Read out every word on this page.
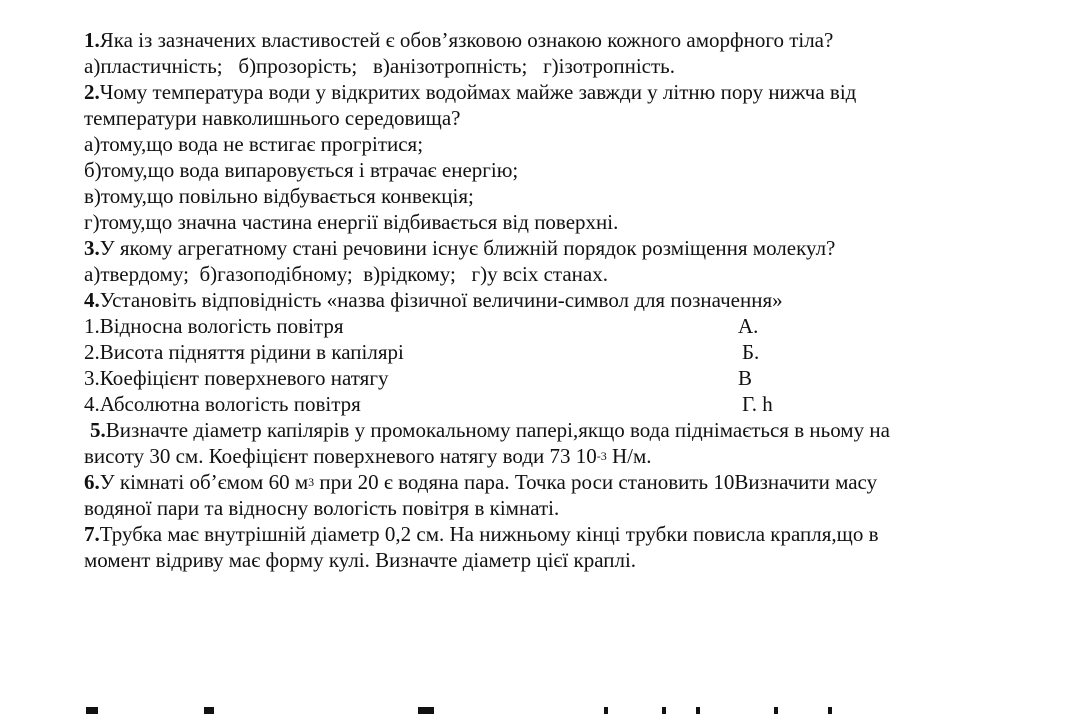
1.Яка із зазначених властивостей є обов’язковою ознакою кожного аморфного тіла?
а)пластичність;   б)прозорість;   в)анізотропність;   г)ізотропність.
2.Чому температура води у відкритих водоймах майже завжди у літню пору нижча від
температури навколишнього середовища?
а)тому,що вода не встигає прогрітися;
б)тому,що вода випаровується і втрачає енергію;
в)тому,що повільно відбувається конвекція;
г)тому,що значна частина енергії відбивається від поверхні.
3.У якому агрегатному стані речовини існує ближній порядок розміщення молекул?
а)твердому;  б)газоподібному;  в)рідкому;   г)у всіх станах.
4.Установіть відповідність «назва фізичної величини-символ для позначення»
1.Відносна вологість повітря	А.
2.Висота підняття рідини в капілярі	Б.
3.Коефіцієнт поверхневого натягу	В
4.Абсолютна вологість повітря	Г. h
5.Визначте діаметр капілярів у промокальному папері,якщо вода піднімається в ньому на
висоту 30 см. Коефіцієнт поверхневого натягу води 73 $10^{-3}$ Н/м.
6.У кімнаті об’ємом 60 $м^3$ при 20 є водяна пара. Точка роси становить 10Визначити масу
водяної пари та відносну вологість повітря в кімнаті.
7.Трубка має внутрішній діаметр 0,2 см. На нижньому кінці трубки повисла крапля,що в
момент відриву має форму кулі. Визначте діаметр цієї краплі.
